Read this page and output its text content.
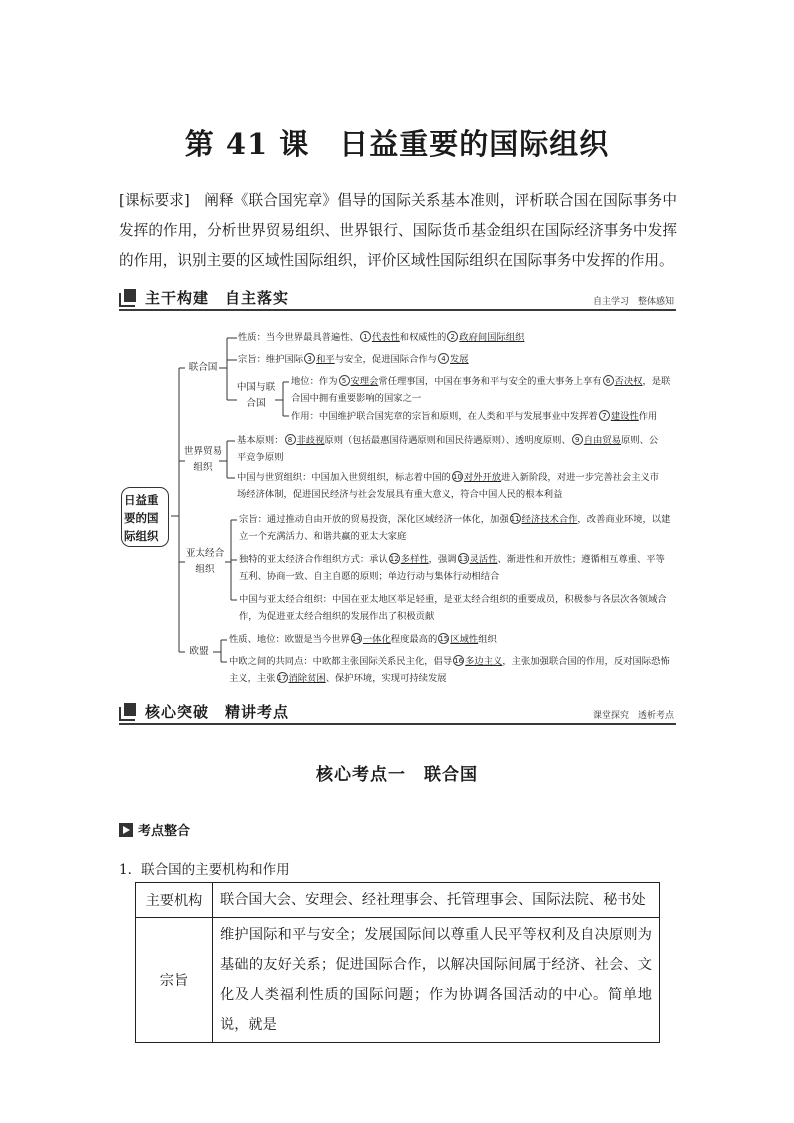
第 41 课　日益重要的国际组织
[课标要求] 阐释《联合国宪章》倡导的国际关系基本准则，评析联合国在国际事务中发挥的作用，分析世界贸易组织、世界银行、国际货币基金组织在国际经济事务中发挥的作用，识别主要的区域性国际组织，评价区域性国际组织在国际事务中发挥的作用。
主干构建　自主落实	自主学习　整体感知
日益重要的国际组织
联合国
性质：当今世界最具普遍性、 1 代表性和权威性的 2 政府间国际组织
宗旨：维护国际 3 和平与安全，促进国际合作与 4 发展
中国与联合国
地位：作为 5 安理会常任理事国，中国在事务和平与安全的重大事务上享有 6 否决权，是联合国中拥有重要影响的国家之一
作用：中国维护联合国宪章的宗旨和原则，在人类和平与发展事业中发挥着 7 建设性作用
世界贸易组织
基本原则： 8 非歧视原则（包括最惠国待遇原则和国民待遇原则）、透明度原则、 9 自由贸易原则、公平竞争原则
中国与世贸组织：中国加入世贸组织，标志着中国的 10 对外开放进入新阶段，对进一步完善社会主义市场经济体制，促进国民经济与社会发展具有重大意义，符合中国人民的根本利益
亚太经合组织
宗旨：通过推动自由开放的贸易投资，深化区域经济一体化，加强 11 经济技术合作，改善商业环境，以建立一个充满活力、和谐共赢的亚太大家庭
独特的亚太经济合作组织方式：承认 12 多样性，强调 13 灵活性、渐进性和开放性；遵循相互尊重、平等互利、协商一致、自主自愿的原则；单边行动与集体行动相结合
中国与亚太经合组织：中国在亚太地区举足轻重，是亚太经合组织的重要成员，积极参与各层次各领域合作，为促进亚太经合组织的发展作出了积极贡献
欧盟
性质、地位：欧盟是当今世界 14 一体化程度最高的 15 区域性组织
中欧之间的共同点：中欧都主张国际关系民主化，倡导 16 多边主义，主张加强联合国的作用，反对国际恐怖主义，主张 17 消除贫困、保护环境，实现可持续发展
核心突破　精讲考点	课堂探究　透析考点
核心考点一　联合国
考点整合
1．联合国的主要机构和作用
主要机构	联合国大会、安理会、经社理事会、托管理事会、国际法院、秘书处
宗旨	维护国际和平与安全；发展国际间以尊重人民平等权利及自决原则为基础的友好关系；促进国际合作，以解决国际间属于经济、社会、文化及人类福利性质的国际问题；作为协调各国活动的中心。简单地说，就是
